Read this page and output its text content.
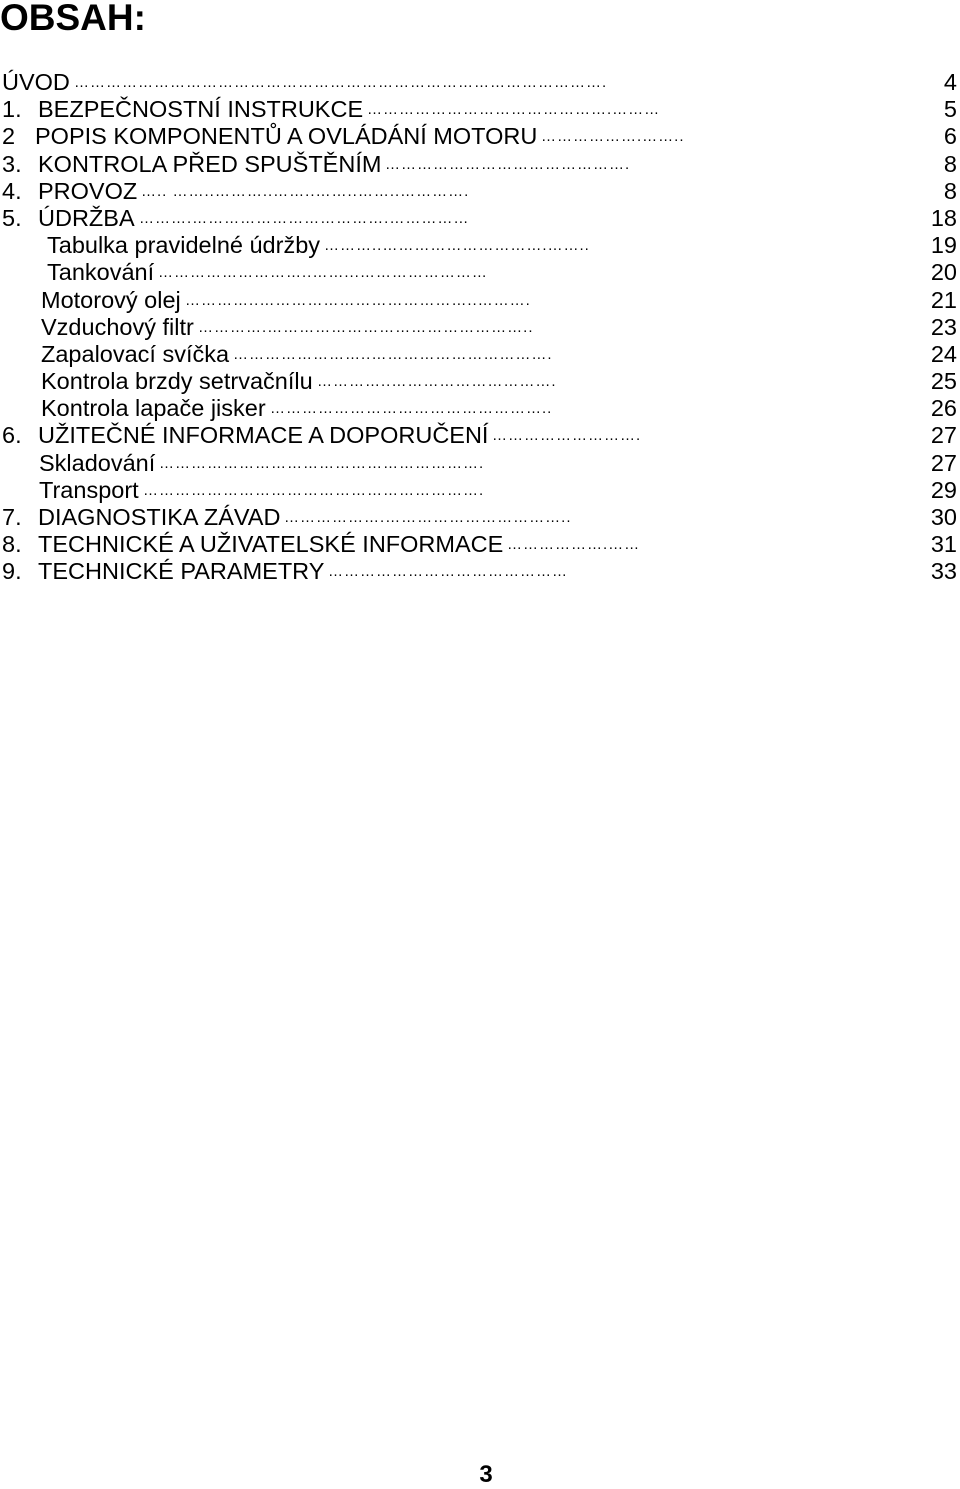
OBSAH:
……………………………………………………………………………………….
ÚVOD	4
……………………………………….………
1. BEZPEČNOSTNÍ INSTRUKCE	5
……………….……..
2 POPIS KOMPONENTŮ A OVLÁDÁNÍ MOTORU	6
……………………………………….
3. KONTROLA PŘED SPUŠTĚNÍM	8
….. ……..………..……..……..……..………….
4. PROVOZ	8
……….……………………………….……………
5. ÚDRŽBA	18
………..………………………….……..
Tabulka pravidelné údržby	19
………………………..……...……………………
Tankování	20
…………..…………………………………..……….
Motorový olej	21
………….…………………………………………..
Vzduchový filtr	23
……………………..…………………………….
Zapalovací svíčka	24
…………..………………………….
Kontrola brzdy setrvačnílu	25
……………………………………………..
Kontrola lapače jisker	26
……………………….
6. UŽITEČNÉ INFORMACE A DOPORUČENÍ	27
…………………………………………………….
Skladování	27
……………………………………………………….
Transport	29
……………….……………………………..
7. DIAGNOSTIKA ZÁVAD	30
……………….……
8. TECHNICKÉ A UŽIVATELSKÉ INFORMACE	31
………………………………………
9. TECHNICKÉ PARAMETRY	33
3
